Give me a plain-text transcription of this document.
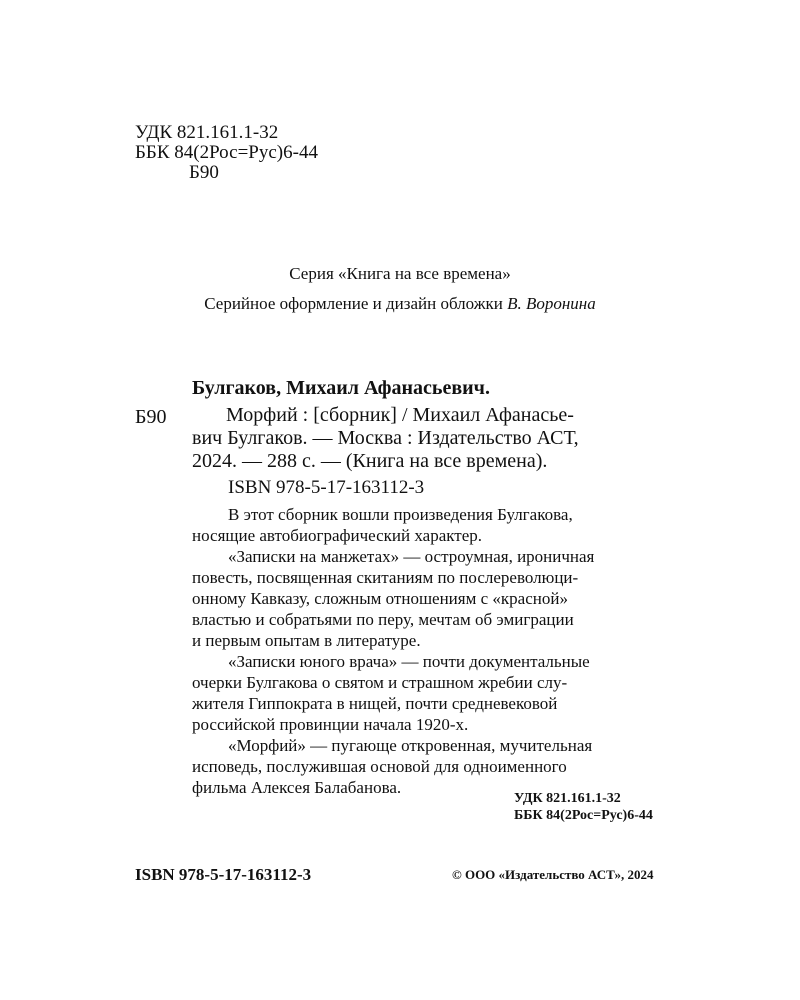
УДК 821.161.1-32
ББК 84(2Рос=Рус)6-44
Б90
Серия «Книга на все времена»
Серийное оформление и дизайн обложки В. Воронина
Булгаков, Михаил Афанасьевич.
Б90	Морфий : [сборник] / Михаил Афанасье-
вич Булгаков. — Москва : Издательство АСТ,
2024. — 288 с. — (Книга на все времена).
ISBN 978-5-17-163112-3
В этот сборник вошли произведения Булгакова,
носящие автобиографический характер.
«Записки на манжетах» — остроумная, ироничная
повесть, посвященная скитаниям по послереволюци-
онному Кавказу, сложным отношениям с «красной»
властью и собратьями по перу, мечтам об эмиграции
и первым опытам в литературе.
«Записки юного врача» — почти документальные
очерки Булгакова о святом и страшном жребии слу-
жителя Гиппократа в нищей, почти средневековой
российской провинции начала 1920-х.
«Морфий» — пугающе откровенная, мучительная
исповедь, послужившая основой для одноименного
фильма Алексея Балабанова.
УДК 821.161.1-32
ББК 84(2Рос=Рус)6-44
ISBN 978-5-17-163112-3	© ООО «Издательство АСТ», 2024
